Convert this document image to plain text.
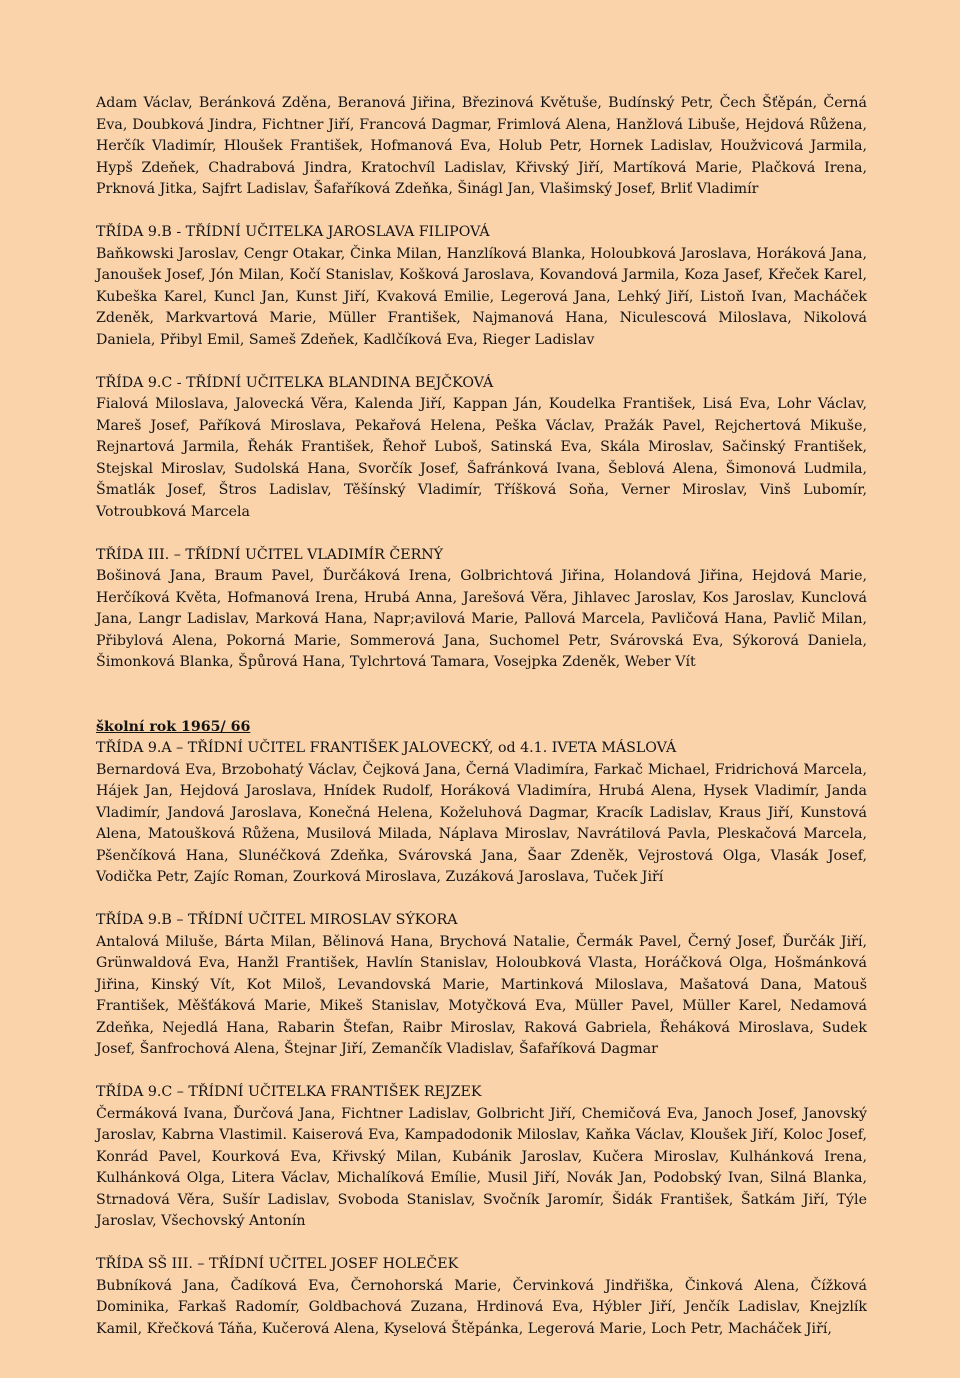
Adam Václav, Beránková Zděna, Beranová Jiřina, Březinová Květuše, Budínský Petr, Čech Šťěpán, Černá Eva, Doubková Jindra, Fichtner Jiří, Francová Dagmar, Frimlová Alena, Hanžlová Libuše, Hejdová Růžena, Herčík Vladimír, Hloušek František, Hofmanová Eva, Holub Petr, Hornek Ladislav, Houžvicová Jarmila, Hypš Zdeňek, Chadrabová Jindra, Kratochvíl Ladislav, Křivský Jiří, Martíková Marie, Plačková Irena, Prknová Jitka, Sajfrt Ladislav, Šafaříková Zdeňka, Šinágl Jan, Vlašimský Josef, Brliť Vladimír

TŘÍDA 9.B - TŘÍDNÍ UČITELKA JAROSLAVA FILIPOVÁ

Baňkowski Jaroslav, Cengr Otakar, Činka Milan, Hanzlíková Blanka, Holoubková Jaroslava, Horáková Jana, Janoušek Josef, Jón Milan, Kočí Stanislav, Košková Jaroslava, Kovandová Jarmila, Koza Jasef, Křeček Karel, Kubeška Karel, Kuncl Jan, Kunst Jiří, Kvaková Emilie, Legerová Jana, Lehký Jiří, Listoň Ivan, Macháček Zdeněk, Markvartová Marie, Müller František, Najmanová Hana, Niculescová Miloslava, Nikolová Daniela, Přibyl Emil, Sameš Zdeňek, Kadlčíková Eva, Rieger Ladislav

TŘÍDA 9.C - TŘÍDNÍ UČITELKA BLANDINA BEJČKOVÁ

Fialová Miloslava, Jalovecká Věra, Kalenda Jiří, Kappan Ján, Koudelka František, Lisá Eva, Lohr Václav, Mareš Josef, Paříková Miroslava, Pekařová Helena, Peška Václav, Pražák Pavel, Rejchertová Mikuše, Rejnartová Jarmila, Řehák František, Řehoř Luboš, Satinská Eva, Skála Miroslav, Sačinský František, Stejskal Miroslav, Sudolská Hana, Svorčík Josef, Šafránková Ivana, Šeblová Alena, Šimonová Ludmila, Šmatlák Josef, Štros Ladislav, Těšínský Vladimír, Tříšková Soňa, Verner Miroslav, Vinš Lubomír, Votroubková Marcela

TŘÍDA III. – TŘÍDNÍ UČITEL VLADIMÍR ČERNÝ

Bošinová Jana, Braum Pavel, Ďurčáková Irena, Golbrichtová Jiřina, Holandová Jiřina, Hejdová Marie, Herčíková Květa, Hofmanová Irena, Hrubá Anna, Jarešová Věra, Jihlavec Jaroslav, Kos Jaroslav, Kunclová Jana, Langr Ladislav, Marková Hana, Napr;avilová Marie, Pallová Marcela, Pavličová Hana, Pavlič Milan, Přibylová Alena, Pokorná Marie, Sommerová Jana, Suchomel Petr, Svárovská Eva, Sýkorová Daniela, Šimonková Blanka, Špůrová Hana, Tylchrtová Tamara, Vosejpka Zdeněk, Weber Vít

školní rok 1965/ 66

TŘÍDA 9.A – TŘÍDNÍ UČITEL FRANTIŠEK JALOVECKÝ, od 4.1. IVETA MÁSLOVÁ

Bernardová Eva, Brzobohatý Václav, Čejková Jana, Černá Vladimíra, Farkač Michael, Fridrichová Marcela, Hájek Jan, Hejdová Jaroslava, Hnídek Rudolf, Horáková Vladimíra, Hrubá Alena, Hysek Vladimír, Janda Vladimír, Jandová Jaroslava, Konečná Helena, Koželuhová Dagmar, Kracík Ladislav, Kraus Jiří, Kunstová Alena, Matoušková Růžena, Musilová Milada, Náplava Miroslav, Navrátilová Pavla, Pleskačová Marcela, Pšenčíková Hana, Slunéčková Zdeňka, Svárovská Jana, Šaar Zdeněk, Vejrostová Olga, Vlasák Josef, Vodička Petr, Zajíc Roman, Zourková Miroslava, Zuzáková Jaroslava, Tuček Jiří

TŘÍDA 9.B – TŘÍDNÍ UČITEL MIROSLAV SÝKORA

Antalová Miluše, Bárta Milan, Bělinová Hana, Brychová Natalie, Čermák Pavel, Černý Josef, Ďurčák Jiří, Grünwaldová Eva, Hanžl František, Havlín Stanislav, Holoubková Vlasta, Horáčková Olga, Hošmánková Jiřina, Kinský Vít, Kot Miloš, Levandovská Marie, Martinková Miloslava, Mašatová Dana, Matouš František, Měšťáková Marie, Mikeš Stanislav, Motyčková Eva, Müller Pavel, Müller Karel, Nedamová Zdeňka, Nejedlá Hana, Rabarin Štefan, Raibr Miroslav, Raková Gabriela, Řeháková Miroslava, Sudek Josef, Šanfrochová Alena, Štejnar Jiří, Zemančík Vladislav, Šafaříková Dagmar

TŘÍDA 9.C – TŘÍDNÍ UČITELKA FRANTIŠEK REJZEK

Čermáková Ivana, Ďurčová Jana, Fichtner Ladislav, Golbricht Jiří, Chemičová Eva, Janoch Josef, Janovský Jaroslav, Kabrna Vlastimil. Kaiserová Eva, Kampadodonik Miloslav, Kaňka Václav, Kloušek Jiří, Koloc Josef, Konrád Pavel, Kourková Eva, Křivský Milan, Kubánik Jaroslav, Kučera Miroslav, Kulhánková Irena, Kulhánková Olga, Litera Václav, Michalíková Emílie, Musil Jiří, Novák Jan, Podobský Ivan, Silná Blanka, Strnadová Věra, Sušír Ladislav, Svoboda Stanislav, Svočník Jaromír, Šidák František, Šatkám Jiří, Týle Jaroslav, Všechovský Antonín

TŘÍDA SŠ III. – TŘÍDNÍ UČITEL JOSEF HOLEČEK

Bubníková Jana, Čadíková Eva, Černohorská Marie, Červinková Jindřiška, Činková Alena, Čížková Dominika, Farkaš Radomír, Goldbachová Zuzana, Hrdinová Eva, Hýbler Jiří, Jenčík Ladislav, Knejzlík Kamil, Křečková Táňa, Kučerová Alena, Kyselová Štěpánka, Legerová Marie, Loch Petr, Macháček Jiří,
